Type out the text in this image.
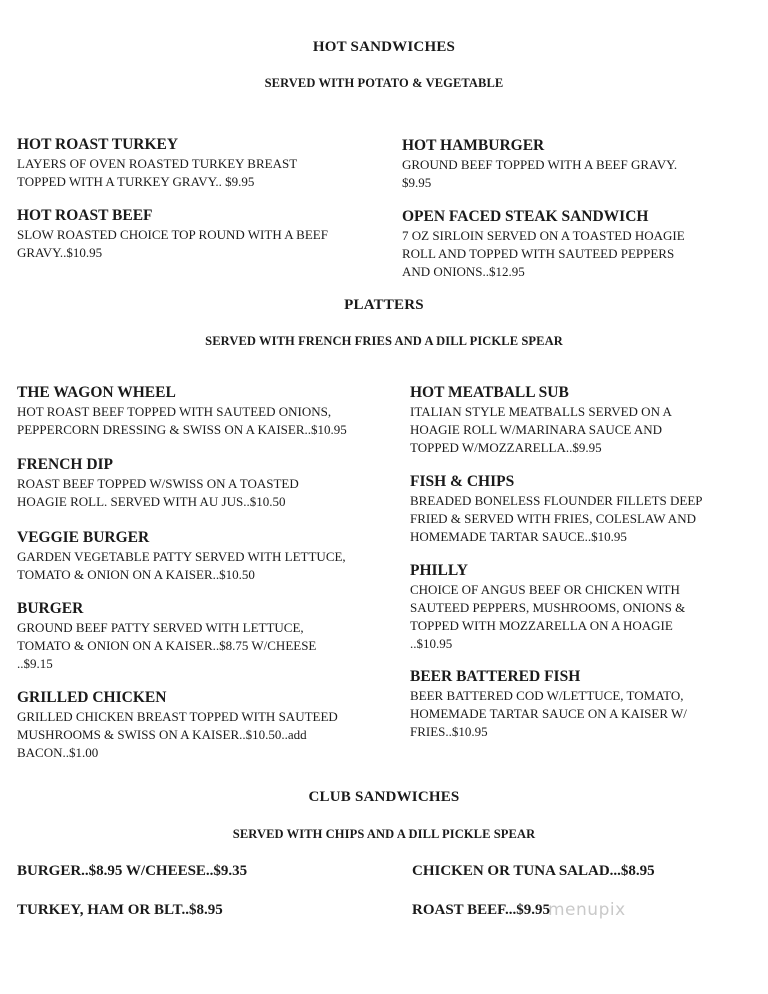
HOT SANDWICHES
SERVED WITH POTATO & VEGETABLE
HOT ROAST TURKEY
LAYERS OF OVEN ROASTED TURKEY BREAST
TOPPED WITH A TURKEY GRAVY.. $9.95
HOT ROAST BEEF
SLOW ROASTED CHOICE TOP ROUND WITH A BEEF
GRAVY..$10.95
HOT HAMBURGER
GROUND BEEF TOPPED WITH A BEEF GRAVY.
$9.95
OPEN FACED STEAK SANDWICH
7 OZ SIRLOIN SERVED ON A TOASTED HOAGIE
ROLL AND TOPPED WITH SAUTEED PEPPERS
AND ONIONS..$12.95
PLATTERS
SERVED WITH FRENCH FRIES AND A DILL PICKLE SPEAR
THE WAGON WHEEL
HOT ROAST BEEF TOPPED WITH SAUTEED ONIONS,
PEPPERCORN DRESSING & SWISS ON A KAISER..$10.95
FRENCH DIP
ROAST BEEF TOPPED W/SWISS ON A TOASTED
HOAGIE ROLL. SERVED WITH AU JUS..$10.50
VEGGIE BURGER
GARDEN VEGETABLE PATTY SERVED WITH LETTUCE,
TOMATO & ONION ON A KAISER..$10.50
BURGER
GROUND BEEF PATTY SERVED WITH LETTUCE,
TOMATO & ONION ON A KAISER..$8.75 W/CHEESE
..$9.15
GRILLED CHICKEN
GRILLED CHICKEN BREAST TOPPED WITH SAUTEED
MUSHROOMS & SWISS ON A KAISER..$10.50..add
BACON..$1.00
HOT MEATBALL SUB
ITALIAN STYLE MEATBALLS SERVED ON A
HOAGIE ROLL W/MARINARA SAUCE AND
TOPPED W/MOZZARELLA..$9.95
FISH & CHIPS
BREADED BONELESS FLOUNDER FILLETS DEEP
FRIED & SERVED WITH FRIES, COLESLAW AND
HOMEMADE TARTAR SAUCE..$10.95
PHILLY
CHOICE OF ANGUS BEEF OR CHICKEN WITH
SAUTEED PEPPERS, MUSHROOMS, ONIONS &
TOPPED WITH MOZZARELLA ON A HOAGIE
..$10.95
BEER BATTERED FISH
BEER BATTERED COD W/LETTUCE, TOMATO,
HOMEMADE TARTAR SAUCE ON A KAISER W/
FRIES..$10.95
CLUB SANDWICHES
SERVED WITH CHIPS AND A DILL PICKLE SPEAR
BURGER..$8.95 W/CHEESE..$9.35
TURKEY, HAM OR BLT..$8.95
CHICKEN OR TUNA SALAD...$8.95
ROAST BEEF...$9.95
menupix
